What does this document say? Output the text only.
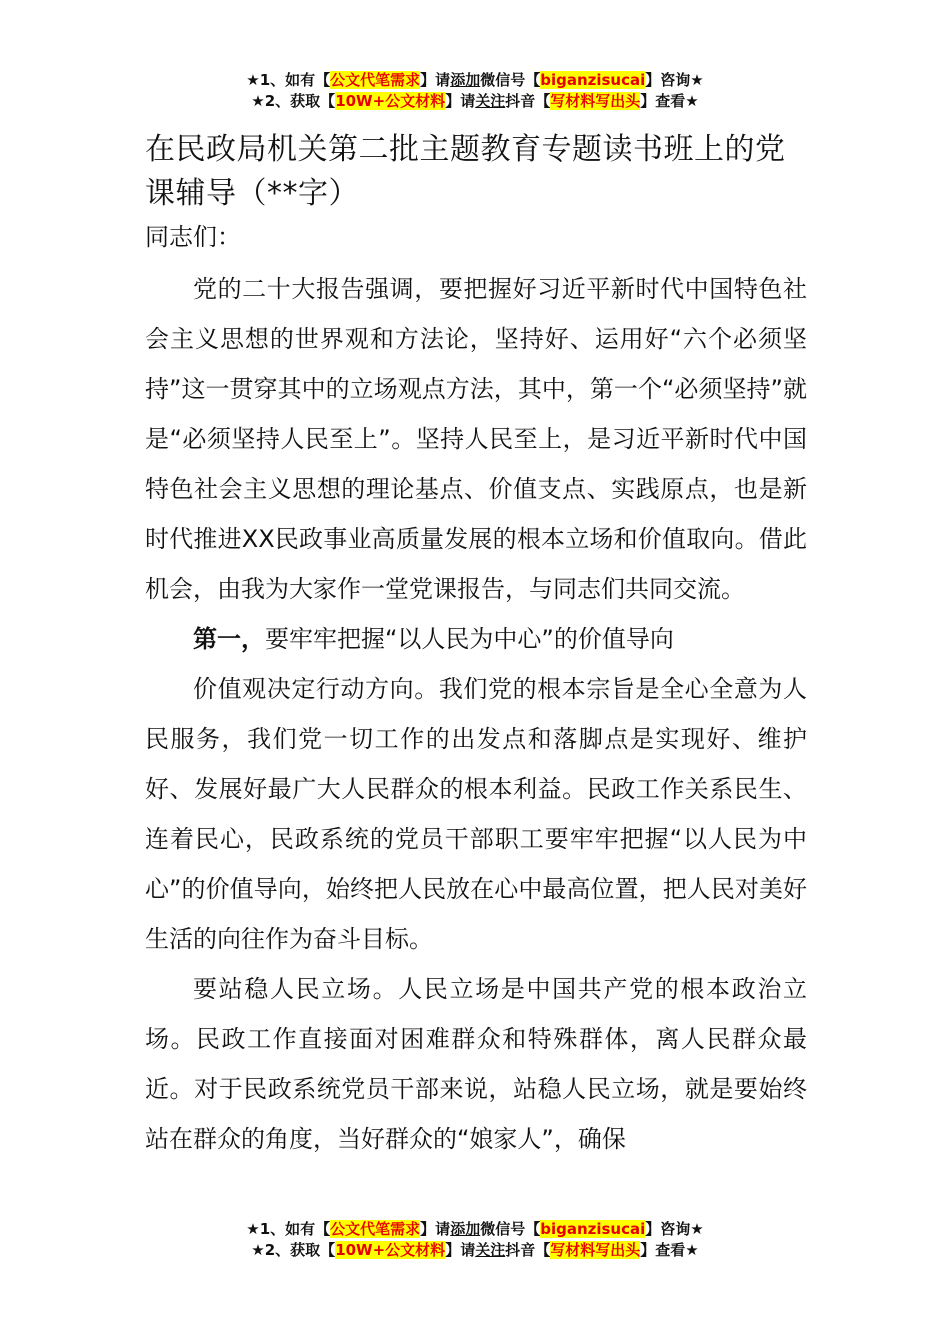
★1、如有【公文代笔需求】请添加微信号【biganzisucai】咨询★
★2、获取【10W+公文材料】请关注抖音【写材料写出头】查看★
在民政局机关第二批主题教育专题读书班上的党课辅导（**字）
同志们：

党的二十大报告强调，要把握好习近平新时代中国特色社会主义思想的世界观和方法论，坚持好、运用好“六个必须坚持”这一贯穿其中的立场观点方法，其中，第一个“必须坚持”就是“必须坚持人民至上”。坚持人民至上，是习近平新时代中国特色社会主义思想的理论基点、价值支点、实践原点，也是新时代推进XX民政事业高质量发展的根本立场和价值取向。借此机会，由我为大家作一堂党课报告，与同志们共同交流。

第一，要牢牢把握“以人民为中心”的价值导向

价值观决定行动方向。我们党的根本宗旨是全心全意为人民服务，我们党一切工作的出发点和落脚点是实现好、维护好、发展好最广大人民群众的根本利益。民政工作关系民生、连着民心，民政系统的党员干部职工要牢牢把握“以人民为中心”的价值导向，始终把人民放在心中最高位置，把人民对美好生活的向往作为奋斗目标。

要站稳人民立场。人民立场是中国共产党的根本政治立场。民政工作直接面对困难群众和特殊群体，离人民群众最近。对于民政系统党员干部来说，站稳人民立场，就是要始终站在群众的角度，当好群众的“娘家人”，确保

★1、如有【公文代笔需求】请添加微信号【biganzisucai】咨询★
★2、获取【10W+公文材料】请关注抖音【写材料写出头】查看★
